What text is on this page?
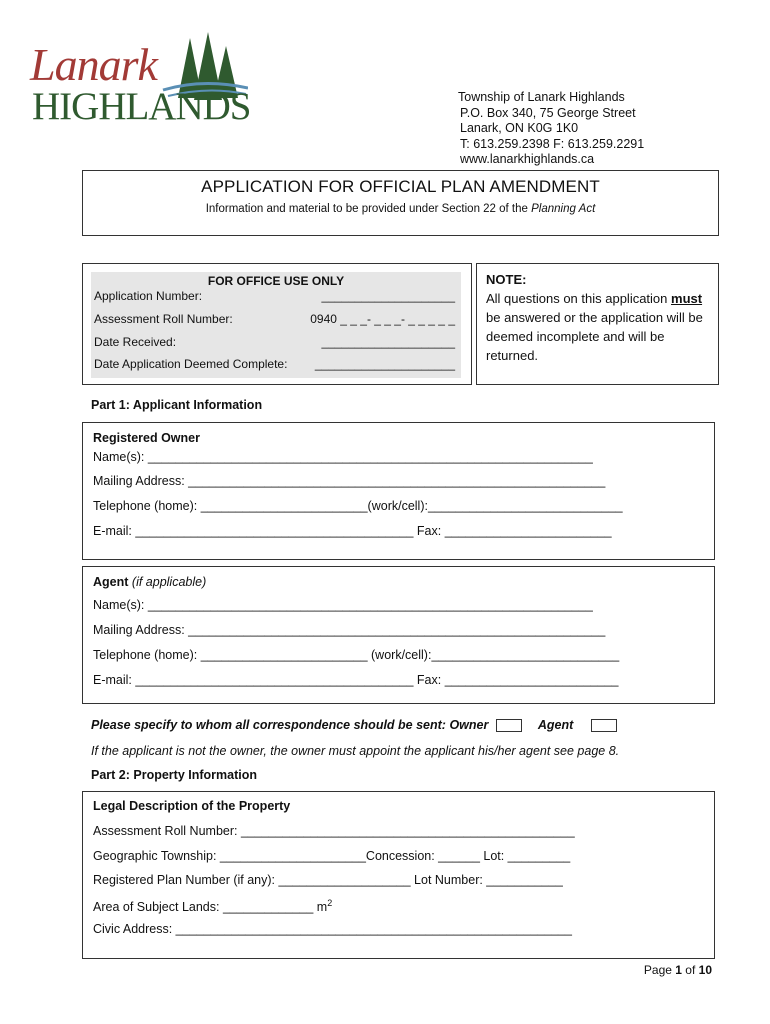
Lanark
HIGHLANDS	Township of Lanark Highlands
P.O. Box 340, 75 George Street
Lanark, ON K0G 1K0
T: 613.259.2398 F: 613.259.2291
www.lanarkhighlands.ca
APPLICATION FOR OFFICIAL PLAN AMENDMENT
Information and material to be provided under Section 22 of the Planning Act
FOR OFFICE USE ONLY
Application Number:	____________________
Assessment Roll Number:	0940 _ _ _- _ _ _- _ _ _ _ _
Date Received:	____________________
Date Application Deemed Complete: _____________________
NOTE:
All questions on this application must be answered or the application will be deemed incomplete and will be returned.
Part 1: Applicant Information
Registered Owner
Name(s): ________________________________________________________________
Mailing Address: ____________________________________________________________
Telephone (home): ________________________(work/cell):____________________________
E-mail: ________________________________________ Fax: ________________________
Agent (if applicable)
Name(s): ________________________________________________________________
Mailing Address: ____________________________________________________________
Telephone (home): ________________________ (work/cell):___________________________
E-mail: ________________________________________ Fax: _________________________
Please specify to whom all correspondence should be sent: Owner	Agent
If the applicant is not the owner, the owner must appoint the applicant his/her agent see page 8.
Part 2: Property Information
Legal Description of the Property
Assessment Roll Number: ________________________________________________
Geographic Township: _____________________Concession: ______ Lot: _________
Registered Plan Number (if any): ___________________ Lot Number: ___________
Area of Subject Lands: _____________ $m^2$
Civic Address: _________________________________________________________
Page 1 of 10
